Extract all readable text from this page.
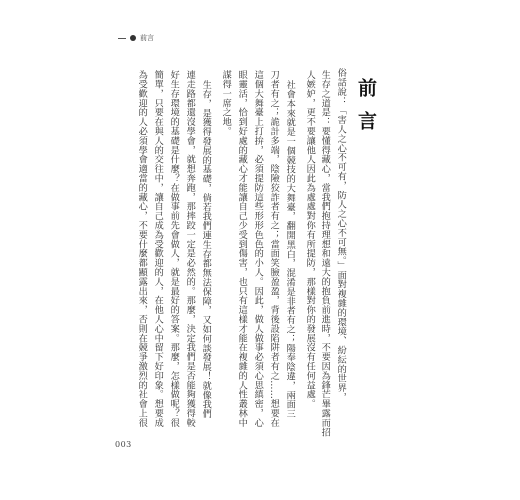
前言
前言
俗話說：「害人之心不可有，防人之心不可無。」面對複雜的環境、紛紜的世界，
生存之道是：要懂得藏心，當我們抱持理想和遠大的抱負前進時，不要因為鋒芒畢露而招
人嫉妒，更不要讓他人因此為處處對你有所提防，那樣對你的發展沒有任何益處。
社會本來就是一個競技的大舞臺，翻開黑白，混淆是非者有之；陽奉陰違，兩面三
刀者有之；詭計多端，陰險狡詐者有之；當面笑臉盈盈，背後設陷阱者有之……想要在
這個大舞臺上打拚，必須提防這些形形色色的小人。因此，做人做事必須心思縝密，心
眼靈活，恰到好處的藏心才能讓自己少受到傷害，也只有這樣才能在複雜的人性叢林中
謀得一席之地。
生存，是獲得發展的基礎，倘若我們連生存都無法保障，又如何談發展！就像我們
連走路都還沒學會，就想奔跑，那摔跤一定是必然的。那麼，決定我們是否能夠獲得較
好生存環境的基礎是什麼？在做事前先會做人，就是最好的答案。那麼，怎樣做呢？很
簡單，只要在與人的交往中，讓自己成為受歡迎的人，在他人心中留下好印象。想要成
為受歡迎的人必須學會適當的藏心，不要什麼都顯露出來，否則在競爭激烈的社會上很
003
